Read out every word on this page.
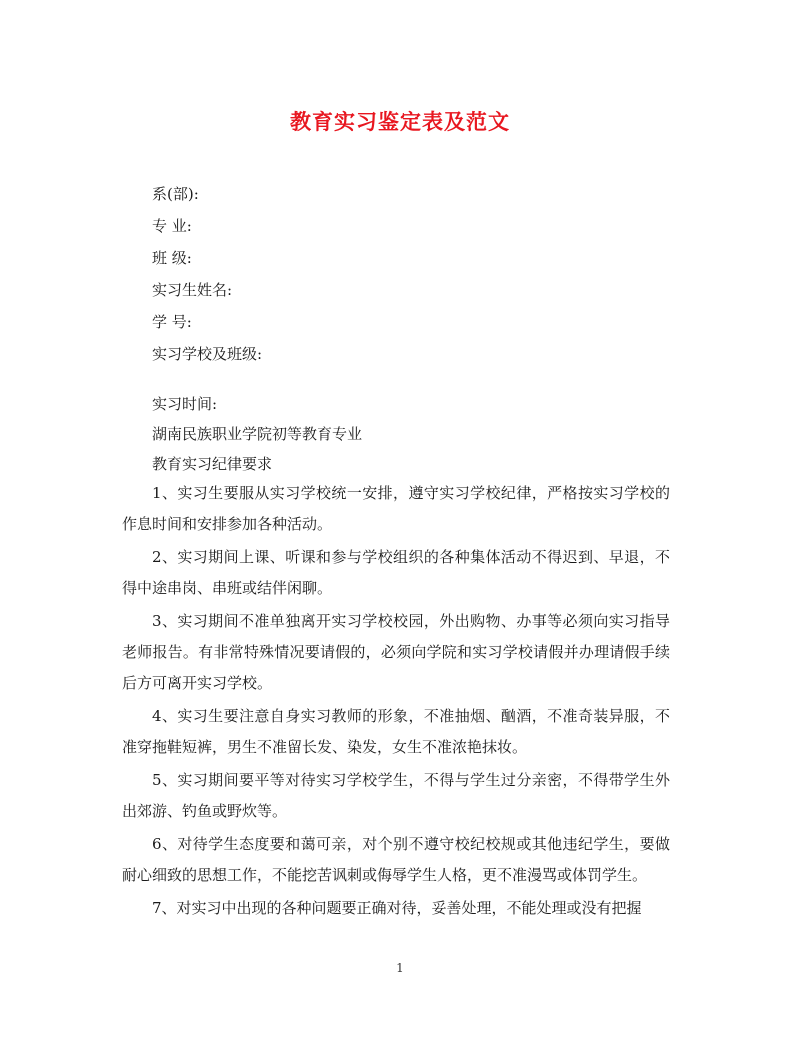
教育实习鉴定表及范文
系(部):
专 业:
班 级:
实习生姓名:
学 号:
实习学校及班级:
实习时间:
湖南民族职业学院初等教育专业
教育实习纪律要求

1、实习生要服从实习学校统一安排，遵守实习学校纪律，严格按实习学校的作息时间和安排参加各种活动。

2、实习期间上课、听课和参与学校组织的各种集体活动不得迟到、早退，不得中途串岗、串班或结伴闲聊。

3、实习期间不准单独离开实习学校校园，外出购物、办事等必须向实习指导老师报告。有非常特殊情况要请假的，必须向学院和实习学校请假并办理请假手续后方可离开实习学校。

4、实习生要注意自身实习教师的形象，不准抽烟、酗酒，不准奇装异服，不准穿拖鞋短裤，男生不准留长发、染发，女生不准浓艳抹妆。

5、实习期间要平等对待实习学校学生，不得与学生过分亲密，不得带学生外出郊游、钓鱼或野炊等。

6、对待学生态度要和蔼可亲，对个别不遵守校纪校规或其他违纪学生，要做耐心细致的思想工作，不能挖苦讽刺或侮辱学生人格，更不准漫骂或体罚学生。

7、对实习中出现的各种问题要正确对待，妥善处理，不能处理或没有把握

1
